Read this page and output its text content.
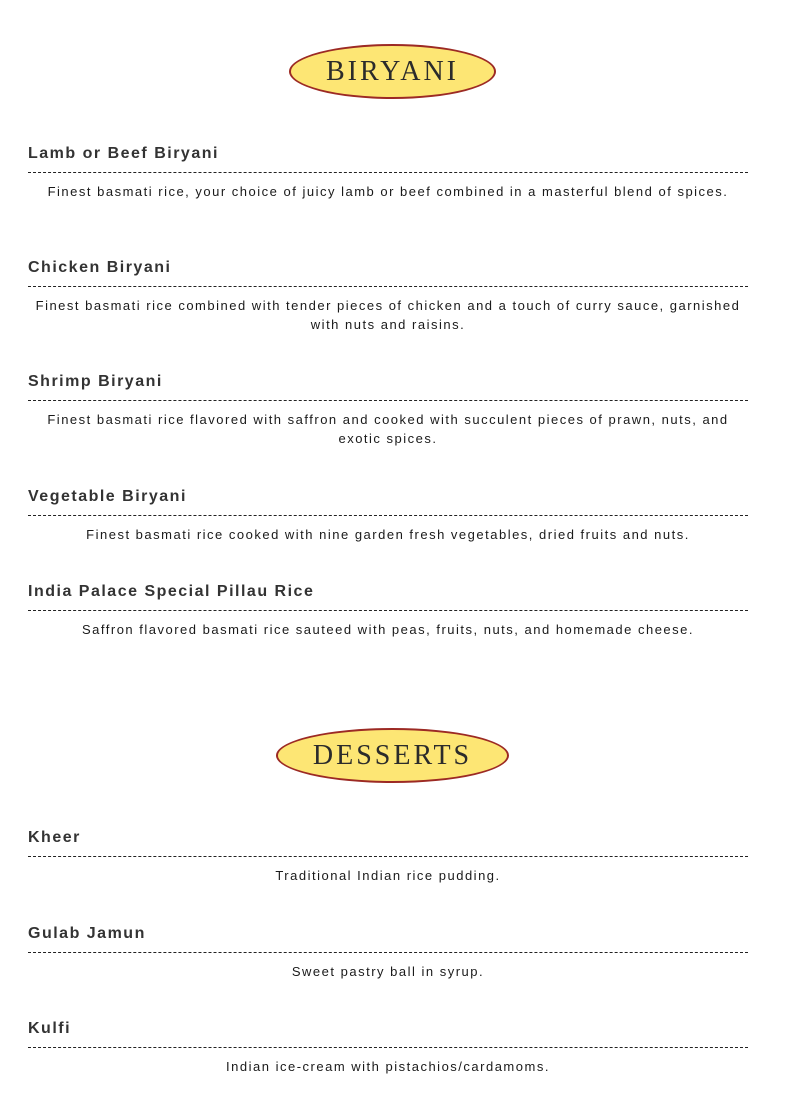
BIRYANI
Lamb or Beef Biryani
Finest basmati rice, your choice of juicy lamb or beef combined in a masterful blend of spices.
Chicken Biryani
Finest basmati rice combined with tender pieces of chicken and a touch of curry sauce, garnished with nuts and raisins.
Shrimp Biryani
Finest basmati rice flavored with saffron and cooked with succulent pieces of prawn, nuts, and exotic spices.
Vegetable Biryani
Finest basmati rice cooked with nine garden fresh vegetables, dried fruits and nuts.
India Palace Special Pillau Rice
Saffron flavored basmati rice sauteed with peas, fruits, nuts, and homemade cheese.
DESSERTS
Kheer
Traditional Indian rice pudding.
Gulab Jamun
Sweet pastry ball in syrup.
Kulfi
Indian ice-cream with pistachios/cardamoms.
